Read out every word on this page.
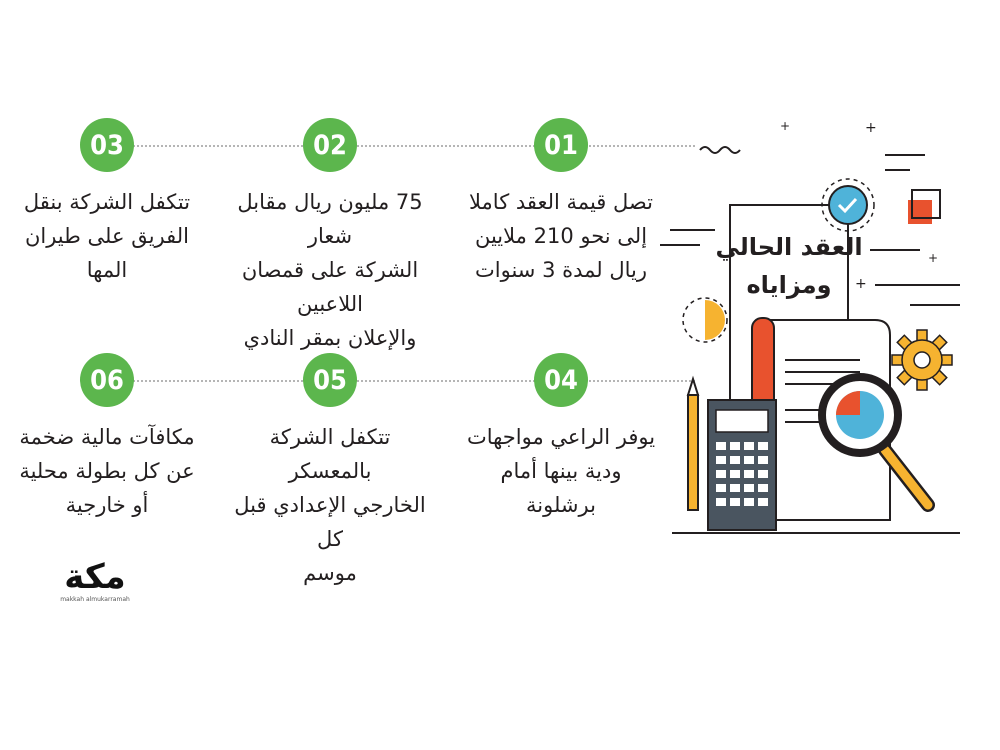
01
02
03
تصل قيمة العقد كاملا
إلى نحو 210 ملايين
ريال لمدة 3 سنوات
75 مليون ريال مقابل شعار
الشركة على قمصان اللاعبين
والإعلان بمقر النادي
تتكفل الشركة بنقل
الفريق على طيران
المها
04
05
06
يوفر الراعي مواجهات
ودية بينها أمام
برشلونة
تتكفل الشركة بالمعسكر
الخارجي الإعدادي قبل كل
موسم
مكافآت مالية ضخمة
عن كل بطولة محلية
أو خارجية
+
+
+
+
العقد الحالي
ومزاياه
مكة
makkah almukarramah
